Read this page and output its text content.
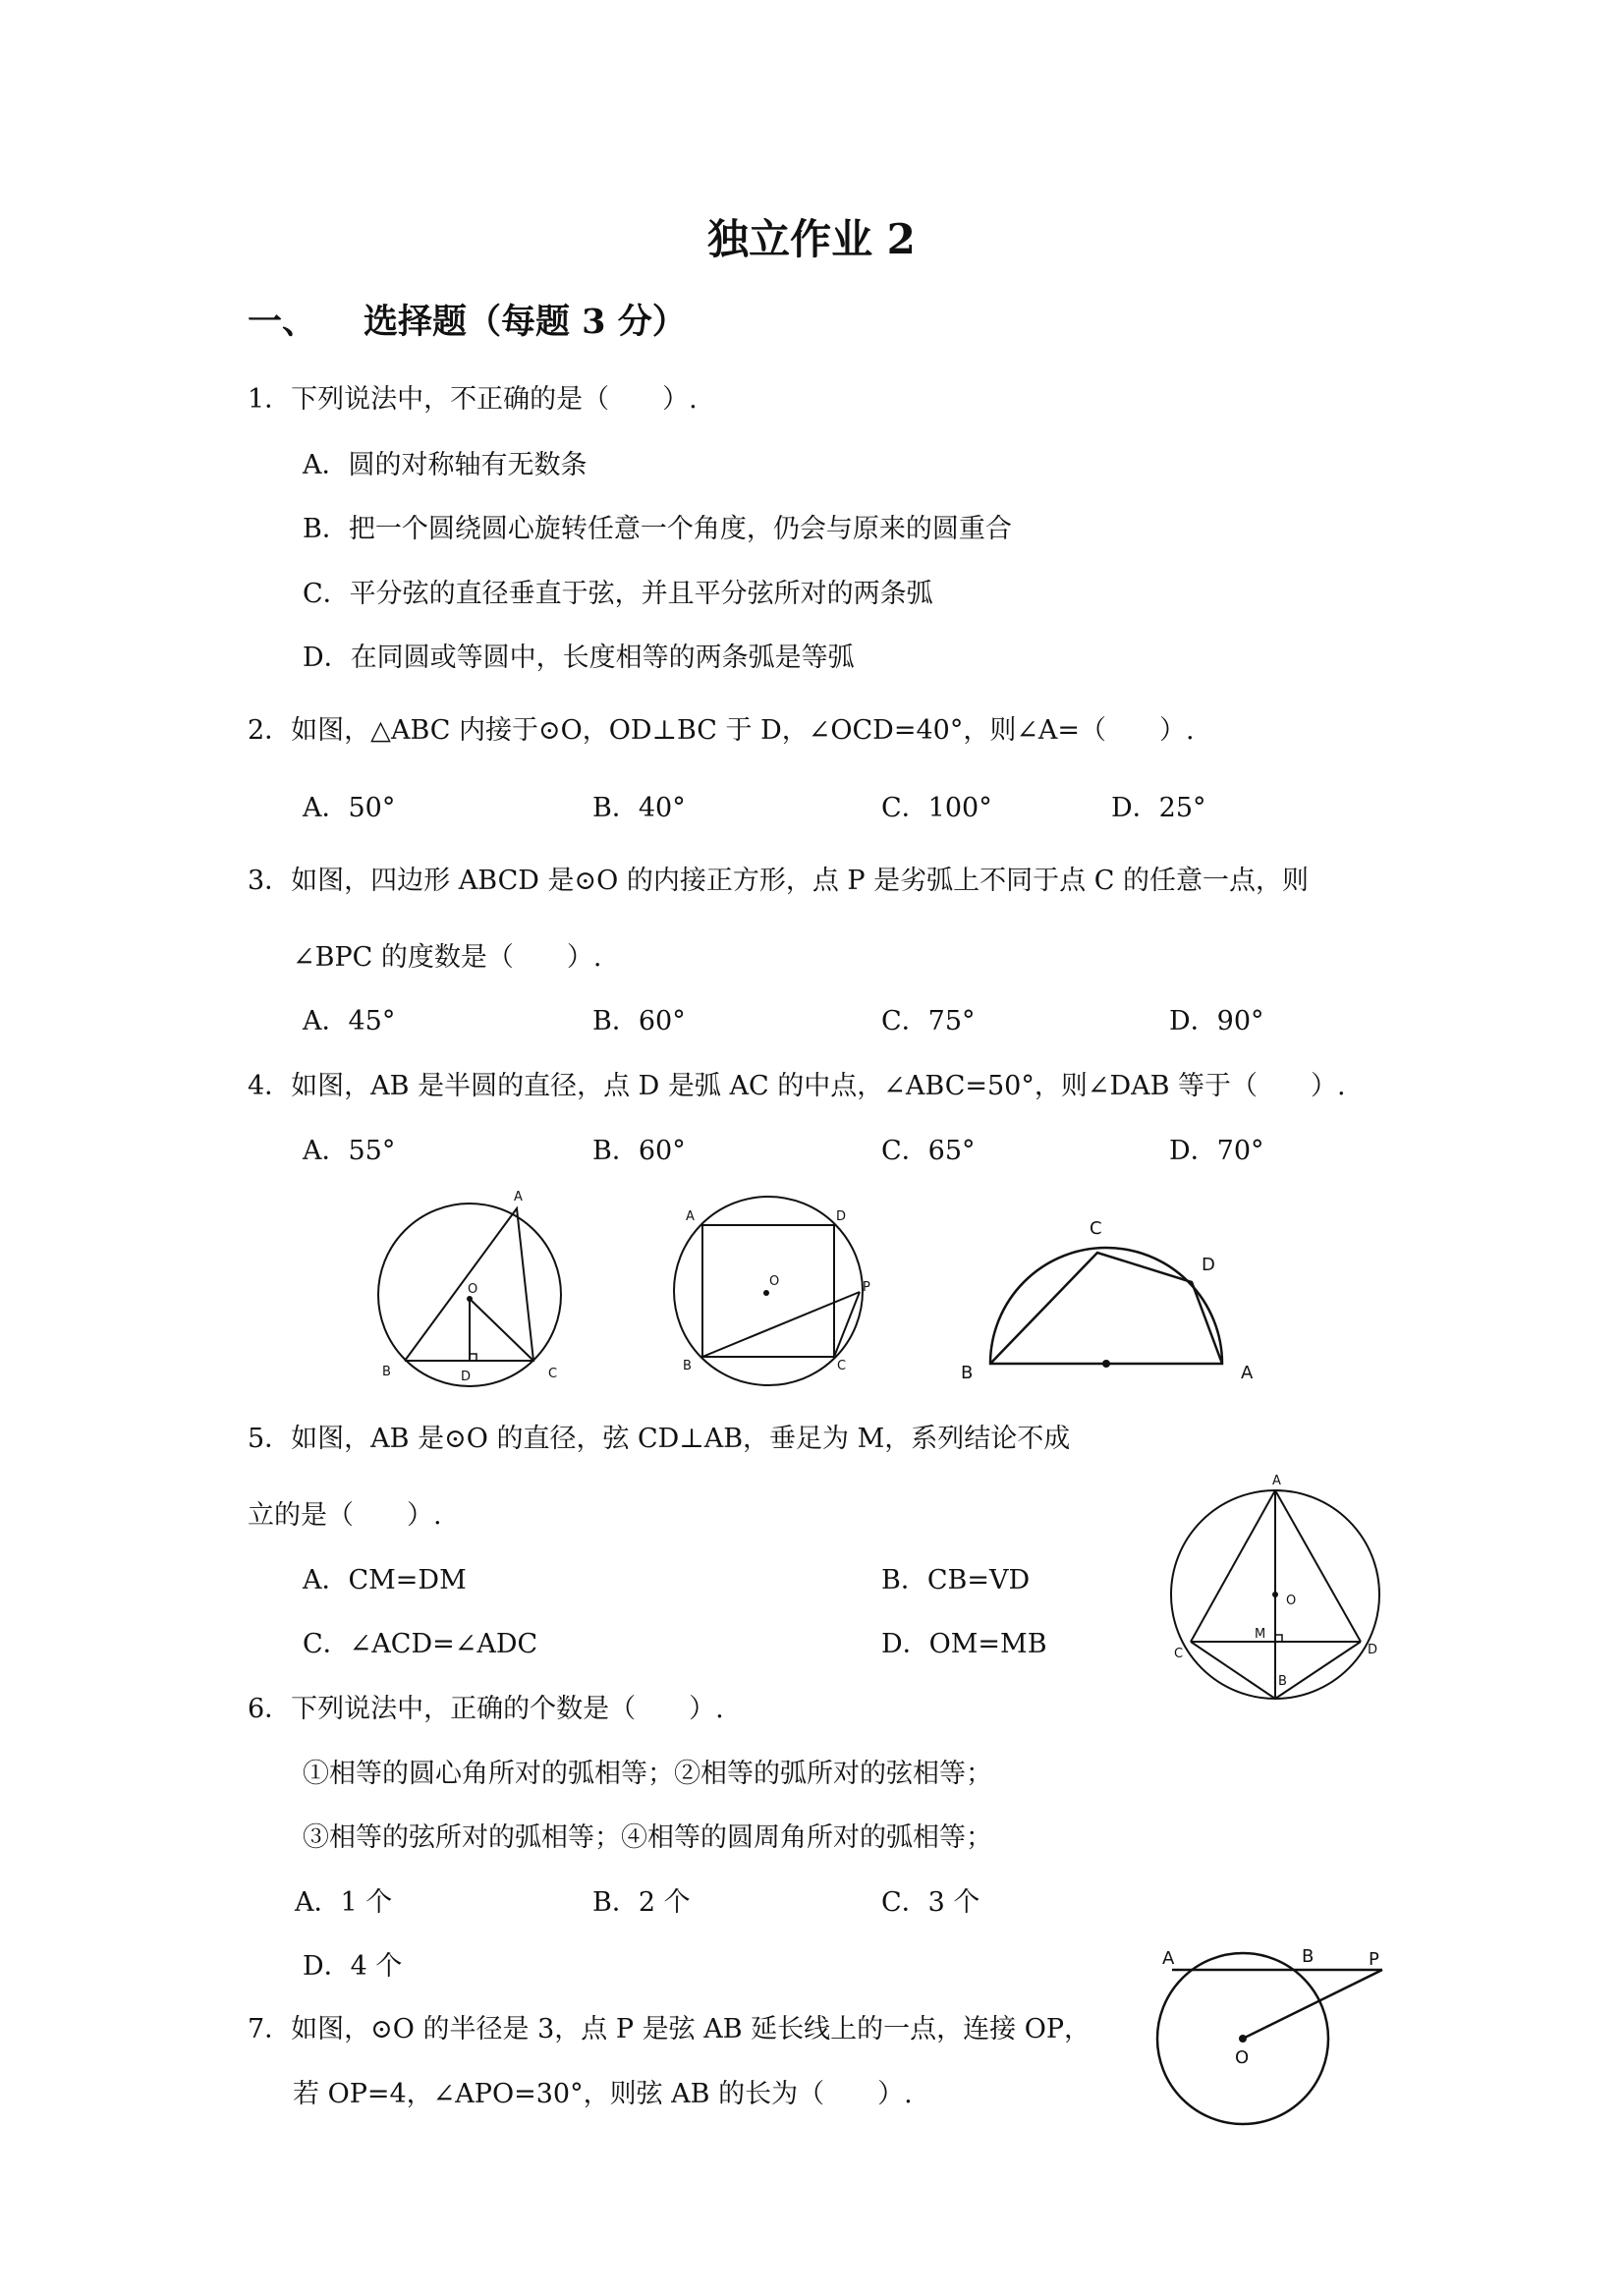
独立作业 2
一、 选择题（每题 3 分）
1．下列说法中，不正确的是（　　）.
A．圆的对称轴有无数条
B．把一个圆绕圆心旋转任意一个角度，仍会与原来的圆重合
C．平分弦的直径垂直于弦，并且平分弦所对的两条弧
D．在同圆或等圆中，长度相等的两条弧是等弧
2．如图，△ABC 内接于⊙O，OD⊥BC 于 D，∠OCD=40°，则∠A=（　　）.
A．50°	B．40°	C．100°	D．25°
3．如图，四边形 ABCD 是⊙O 的内接正方形，点 P 是劣弧上不同于点 C 的任意一点，则
∠BPC 的度数是（　　）.
A．45°	B．60°	C．75°	D．90°
4．如图，AB 是半圆的直径，点 D 是弧 AC 的中点，∠ABC=50°，则∠DAB 等于（　　）.
A．55°	B．60°	C．65°	D．70°
A
O
B	D	C
O
A	D
P
B	C
C
D
B	A
5．如图，AB 是⊙O 的直径，弦 CD⊥AB，垂足为 M，系列结论不成
立的是（　　）.
A．CM=DM	B．CB=VD
C．∠ACD=∠ADC	D．OM=MB
A
O
M
C	D
B
6．下列说法中，正确的个数是（　　）.
①相等的圆心角所对的弧相等；②相等的弧所对的弦相等；
③相等的弦所对的弧相等；④相等的圆周角所对的弧相等；
A．1 个	B．2 个	C．3 个
D．4 个
7．如图，⊙O 的半径是 3，点 P 是弦 AB 延长线上的一点，连接 OP，
若 OP=4，∠APO=30°，则弦 AB 的长为（　　）.
A	B	P
O
